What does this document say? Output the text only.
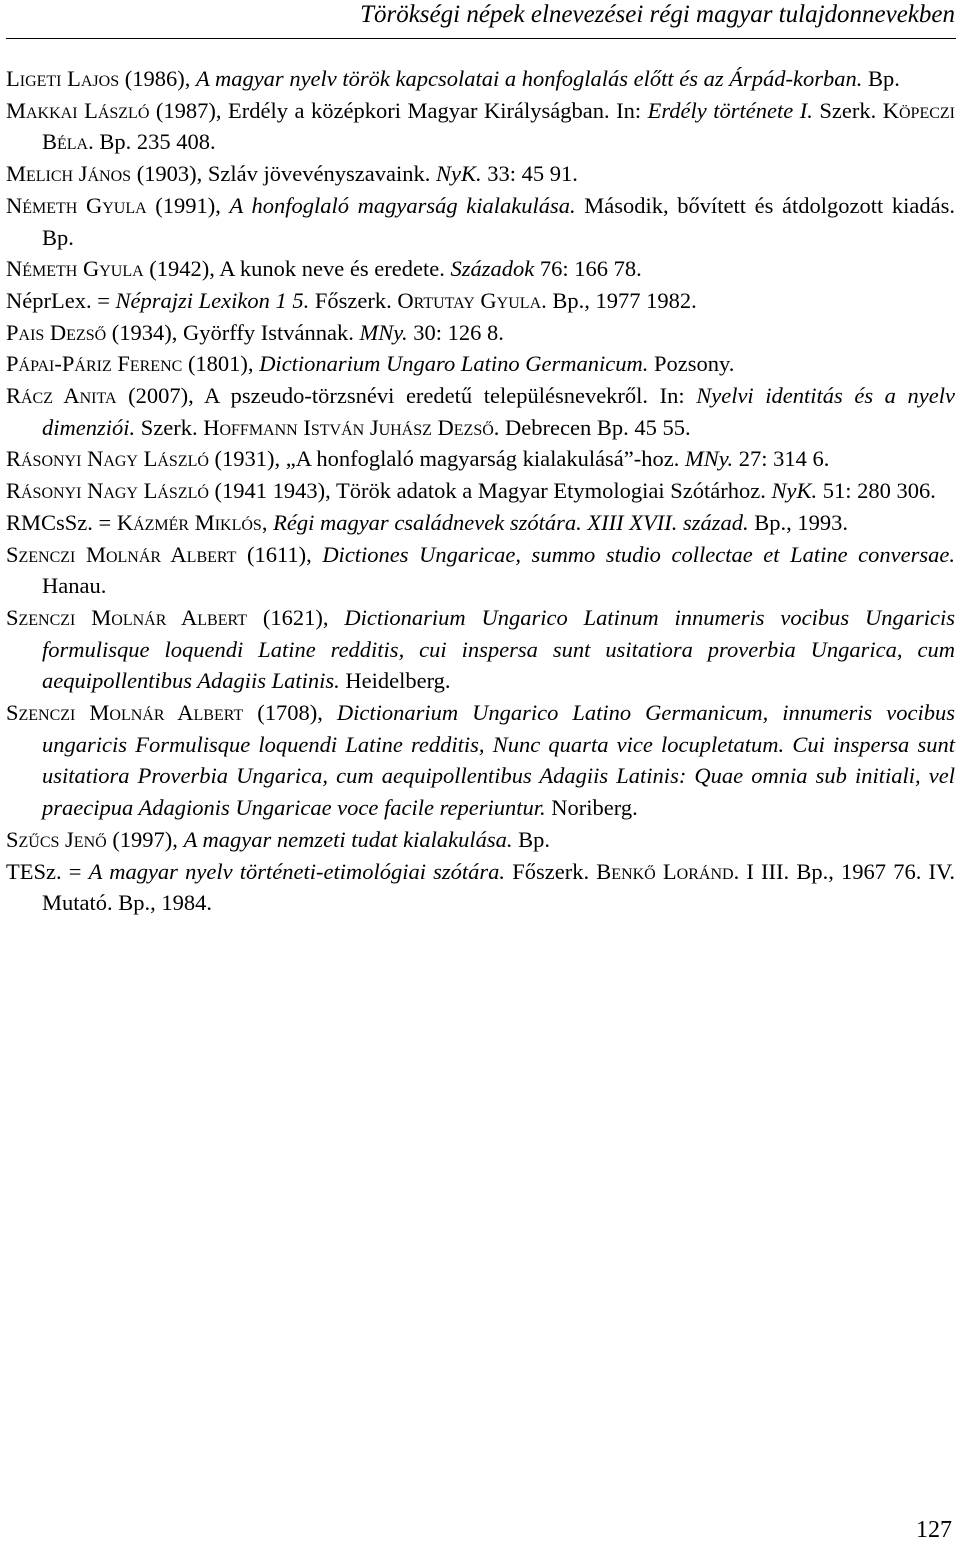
Törökségi népek elnevezései régi magyar tulajdonnevekben
Ligeti Lajos (1986), A magyar nyelv török kapcsolatai a honfoglalás előtt és az Árpád-korban. Bp.
Makkai László (1987), Erdély a középkori Magyar Királyságban. In: Erdély története I. Szerk. Köpeczi Béla. Bp. 235 408.
Melich János (1903), Szláv jövevényszavaink. NyK. 33: 45 91.
Németh Gyula (1991), A honfoglaló magyarság kialakulása. Második, bővített és átdolgozott kiadás. Bp.
Németh Gyula (1942), A kunok neve és eredete. Századok 76: 166 78.
NéprLex. = Néprajzi Lexikon 1 5. Főszerk. Ortutay Gyula. Bp., 1977 1982.
Pais Dezső (1934), Györffy Istvánnak. MNy. 30: 126 8.
Pápai-Páriz Ferenc (1801), Dictionarium Ungaro Latino Germanicum. Pozsony.
Rácz Anita (2007), A pszeudo-törzsnévi eredetű településnevekről. In: Nyelvi identitás és a nyelv dimenziói. Szerk. Hoffmann István Juhász Dezső. Debrecen Bp. 45 55.
Rásonyi Nagy László (1931), „A honfoglaló magyarság kialakulásá”-hoz. MNy. 27: 314 6.
Rásonyi Nagy László (1941 1943), Török adatok a Magyar Etymologiai Szótárhoz. NyK. 51: 280 306.
RMCsSz. = Kázmér Miklós, Régi magyar családnevek szótára. XIII XVII. század. Bp., 1993.
Szenczi Molnár Albert (1611), Dictiones Ungaricae, summo studio collectae et Latine conversae. Hanau.
Szenczi Molnár Albert (1621), Dictionarium Ungarico Latinum innumeris vocibus Ungaricis formulisque loquendi Latine redditis, cui inspersa sunt usitatiora proverbia Ungarica, cum aequipollentibus Adagiis Latinis. Heidelberg.
Szenczi Molnár Albert (1708), Dictionarium Ungarico Latino Germanicum, innumeris vocibus ungaricis Formulisque loquendi Latine redditis, Nunc quarta vice locupletatum. Cui inspersa sunt usitatiora Proverbia Ungarica, cum aequipollentibus Adagiis Latinis: Quae omnia sub initiali, vel praecipua Adagionis Ungaricae voce facile reperiuntur. Noriberg.
Szűcs Jenő (1997), A magyar nemzeti tudat kialakulása. Bp.
TESz. = A magyar nyelv történeti-etimológiai szótára. Főszerk. Benkő Loránd. I III. Bp., 1967 76. IV. Mutató. Bp., 1984.
127
